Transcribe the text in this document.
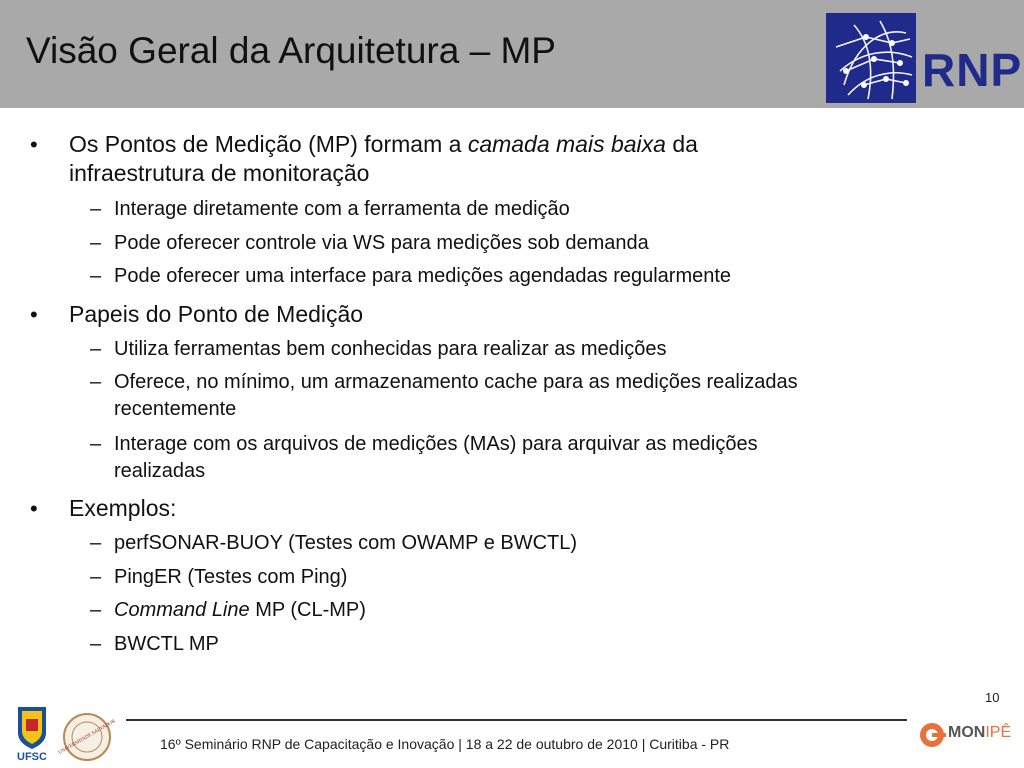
Visão Geral da Arquitetura – MP	RNP
• Os Pontos de Medição (MP) formam a camada mais baixa da
infraestrutura de monitoração
– Interage diretamente com a ferramenta de medição
– Pode oferecer controle via WS para medições sob demanda
– Pode oferecer uma interface para medições agendadas regularmente
• Papeis do Ponto de Medição
– Utiliza ferramentas bem conhecidas para realizar as medições
– Oferece, no mínimo, um armazenamento cache para as medições realizadas
recentemente
– Interage com os arquivos de medições (MAs) para arquivar as medições
realizadas
• Exemplos:
– perfSONAR-BUOY (Testes com OWAMP e BWCTL)
– PingER (Testes com Ping)
– Command Line MP (CL-MP)
– BWCTL MP
10
UFSC
UNIVERSIDADE SALVADOR	16º Seminário RNP de Capacitação e Inovação | 18 a 22 de outubro de 2010 | Curitiba - PR
MONIPÊ
